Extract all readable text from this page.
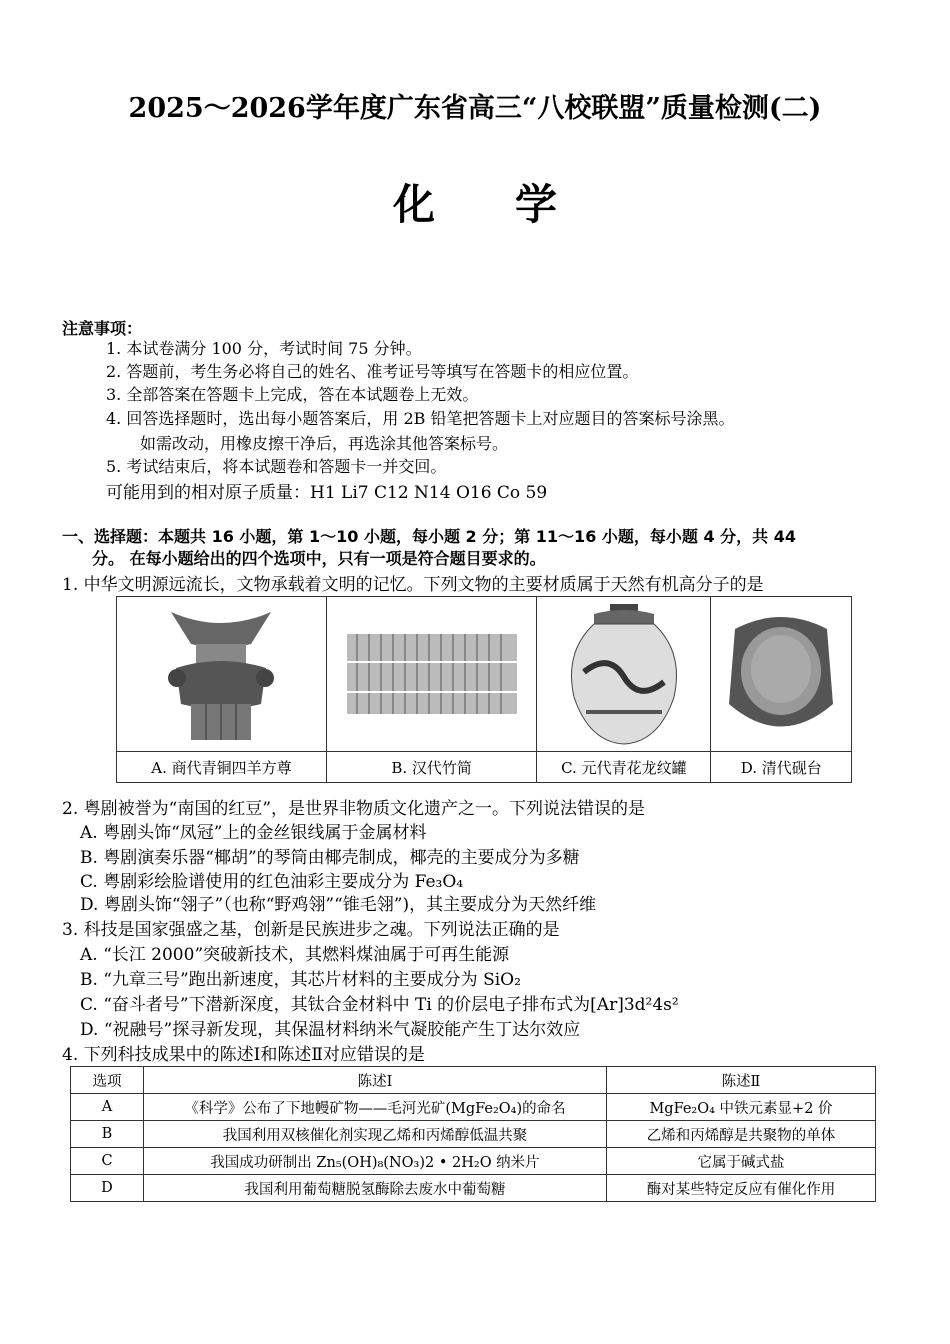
2025～2026学年度广东省高三“八校联盟”质量检测(二)
化 学
注意事项：
1. 本试卷满分 100 分，考试时间 75 分钟。
2. 答题前，考生务必将自己的姓名、准考证号等填写在答题卡的相应位置。
3. 全部答案在答题卡上完成，答在本试题卷上无效。
4. 回答选择题时，选出每小题答案后，用 2B 铅笔把答题卡上对应题目的答案标号涂黑。
如需改动，用橡皮擦干净后，再选涂其他答案标号。
5. 考试结束后，将本试题卷和答题卡一并交回。
可能用到的相对原子质量：H1 Li7 C12 N14 O16 Co 59
一、选择题：本题共 16 小题，第 1～10 小题，每小题 2 分；第 11～16 小题，每小题 4 分，共 44
分。 在每小题给出的四个选项中，只有一项是符合题目要求的。
1. 中华文明源远流长，文物承载着文明的记忆。下列文物的主要材质属于天然有机高分子的是

A. 商代青铜四羊方尊	B. 汉代竹简	C. 元代青花龙纹罐	D. 清代砚台
2. 粤剧被誉为“南国的红豆”，是世界非物质文化遗产之一。下列说法错误的是
A. 粤剧头饰“凤冠”上的金丝银线属于金属材料
B. 粤剧演奏乐器“椰胡”的琴筒由椰壳制成，椰壳的主要成分为多糖
C. 粤剧彩绘脸谱使用的红色油彩主要成分为 Fe₃O₄
D. 粤剧头饰“翎子”（也称“野鸡翎”“锥毛翎”)，其主要成分为天然纤维
3. 科技是国家强盛之基，创新是民族进步之魂。下列说法正确的是
A. “长江 2000”突破新技术，其燃料煤油属于可再生能源
B. “九章三号”跑出新速度，其芯片材料的主要成分为 SiO₂
C. “奋斗者号”下潜新深度，其钛合金材料中 Ti 的价层电子排布式为[Ar]3d²4s²
D. “祝融号”探寻新发现，其保温材料纳米气凝胶能产生丁达尔效应
4. 下列科技成果中的陈述Ⅰ和陈述Ⅱ对应错误的是
选项	陈述Ⅰ	陈述Ⅱ
A	《科学》公布了下地幔矿物——毛河光矿(MgFe₂O₄)的命名	MgFe₂O₄ 中铁元素显+2 价
B	我国利用双核催化剂实现乙烯和丙烯醇低温共聚	乙烯和丙烯醇是共聚物的单体
C	我国成功研制出 Zn₅(OH)₈(NO₃)2 • 2H₂O 纳米片	它属于碱式盐
D	我国利用葡萄糖脱氢酶除去废水中葡萄糖	酶对某些特定反应有催化作用
